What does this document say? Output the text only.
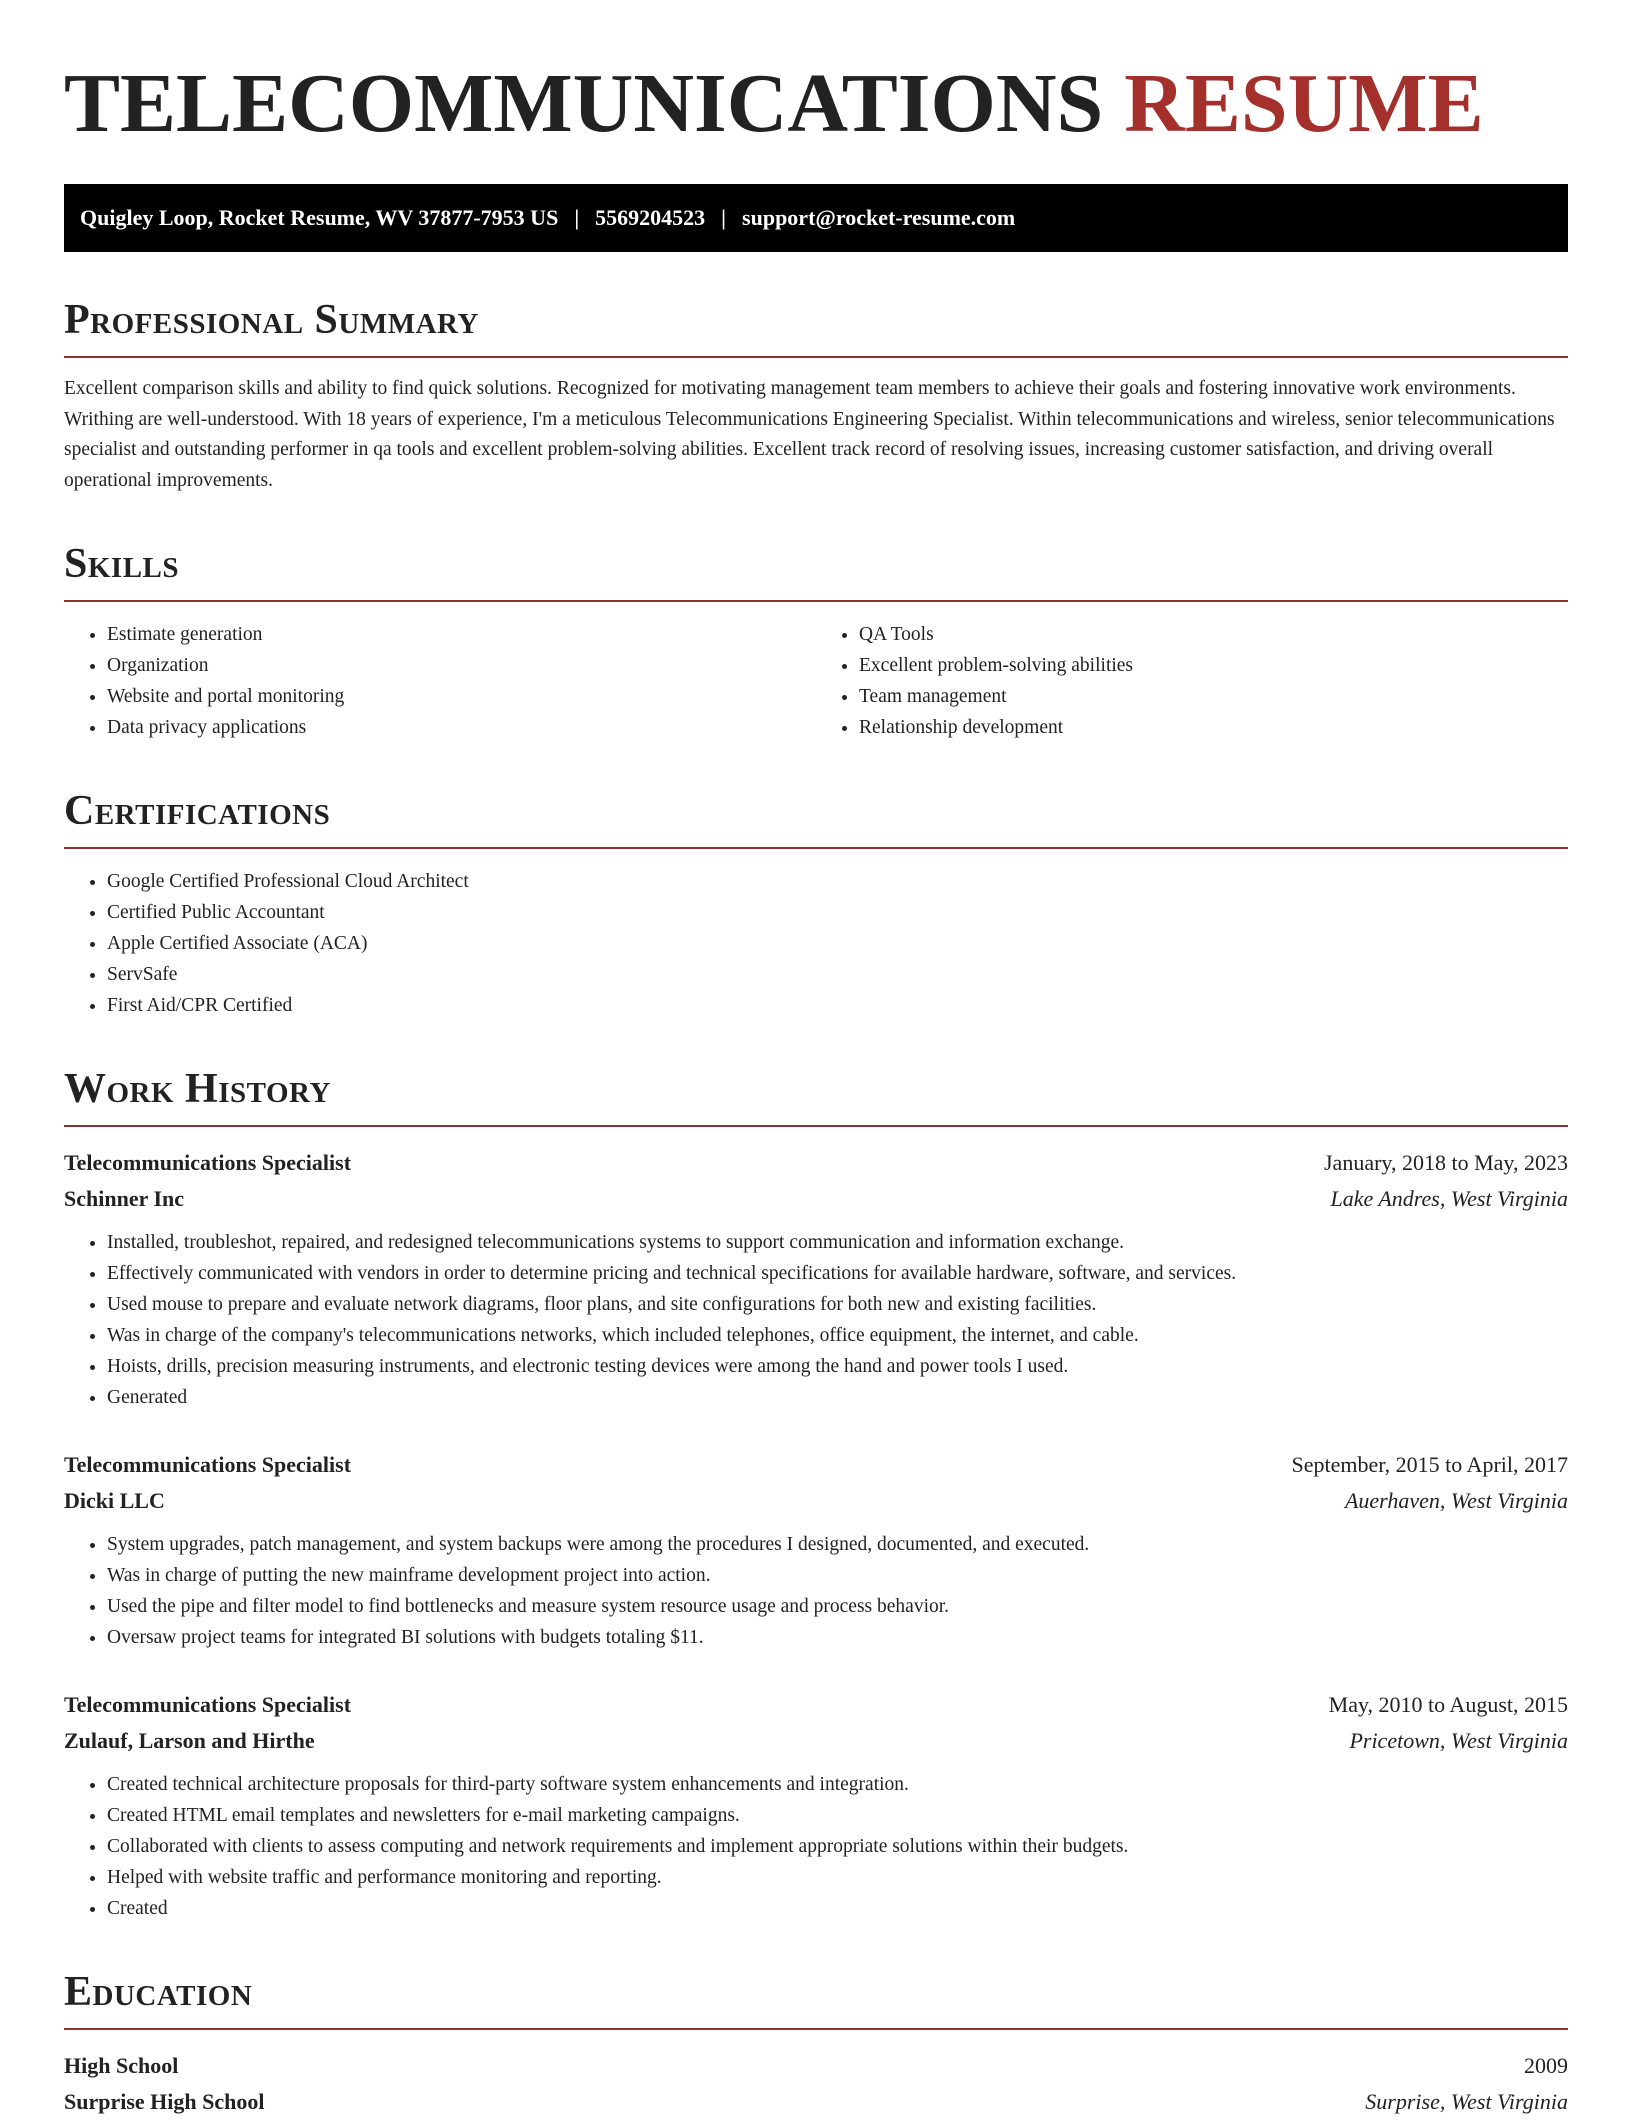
TELECOMMUNICATIONS RESUME
Quigley Loop, Rocket Resume, WV 37877-7953 US | 5569204523 | support@rocket-resume.com
Professional Summary

Excellent comparison skills and ability to find quick solutions. Recognized for motivating management team members to achieve their goals and fostering innovative work environments. Writhing are well-understood. With 18 years of experience, I'm a meticulous Telecommunications Engineering Specialist. Within telecommunications and wireless, senior telecommunications specialist and outstanding performer in qa tools and excellent problem-solving abilities. Excellent track record of resolving issues, increasing customer satisfaction, and driving overall operational improvements.

Skills
• Estimate generation
• Organization
• Website and portal monitoring
• Data privacy applications
• QA Tools
• Excellent problem-solving abilities
• Team management
• Relationship development
Certifications
• Google Certified Professional Cloud Architect
• Certified Public Accountant
• Apple Certified Associate (ACA)
• ServSafe
• First Aid/CPR Certified
Work History
Telecommunications Specialist	January, 2018 to May, 2023
Schinner Inc	Lake Andres, West Virginia
• Installed, troubleshot, repaired, and redesigned telecommunications systems to support communication and information exchange.
• Effectively communicated with vendors in order to determine pricing and technical specifications for available hardware, software, and services.
• Used mouse to prepare and evaluate network diagrams, floor plans, and site configurations for both new and existing facilities.
• Was in charge of the company's telecommunications networks, which included telephones, office equipment, the internet, and cable.
• Hoists, drills, precision measuring instruments, and electronic testing devices were among the hand and power tools I used.
• Generated
Telecommunications Specialist	September, 2015 to April, 2017
Dicki LLC	Auerhaven, West Virginia
• System upgrades, patch management, and system backups were among the procedures I designed, documented, and executed.
• Was in charge of putting the new mainframe development project into action.
• Used the pipe and filter model to find bottlenecks and measure system resource usage and process behavior.
• Oversaw project teams for integrated BI solutions with budgets totaling $11.
Telecommunications Specialist	May, 2010 to August, 2015
Zulauf, Larson and Hirthe	Pricetown, West Virginia
• Created technical architecture proposals for third-party software system enhancements and integration.
• Created HTML email templates and newsletters for e-mail marketing campaigns.
• Collaborated with clients to assess computing and network requirements and implement appropriate solutions within their budgets.
• Helped with website traffic and performance monitoring and reporting.
• Created
Education
High School	2009
Surprise High School	Surprise, West Virginia
